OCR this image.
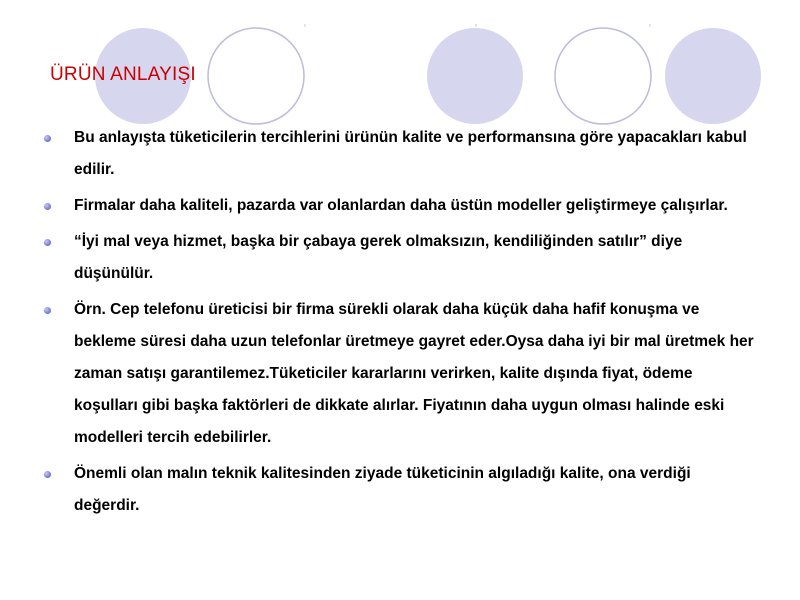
ÜRÜN ANLAYIŞI
Bu anlayışta tüketicilerin tercihlerini ürünün kalite ve performansına göre yapacakları kabul edilir.
Firmalar daha kaliteli, pazarda var olanlardan daha üstün modeller geliştirmeye çalışırlar.
“İyi mal veya hizmet, başka bir çabaya gerek olmaksızın, kendiliğinden satılır” diye düşünülür.
Örn. Cep telefonu üreticisi bir firma sürekli olarak daha küçük daha hafif konuşma ve bekleme süresi daha uzun telefonlar üretmeye gayret eder.Oysa daha iyi bir mal üretmek her zaman satışı garantilemez.Tüketiciler kararlarını verirken, kalite dışında fiyat, ödeme koşulları gibi başka faktörleri de dikkate alırlar. Fiyatının daha uygun olması halinde eski modelleri tercih edebilirler.
Önemli olan malın teknik kalitesinden ziyade tüketicinin algıladığı kalite, ona verdiği değerdir.
